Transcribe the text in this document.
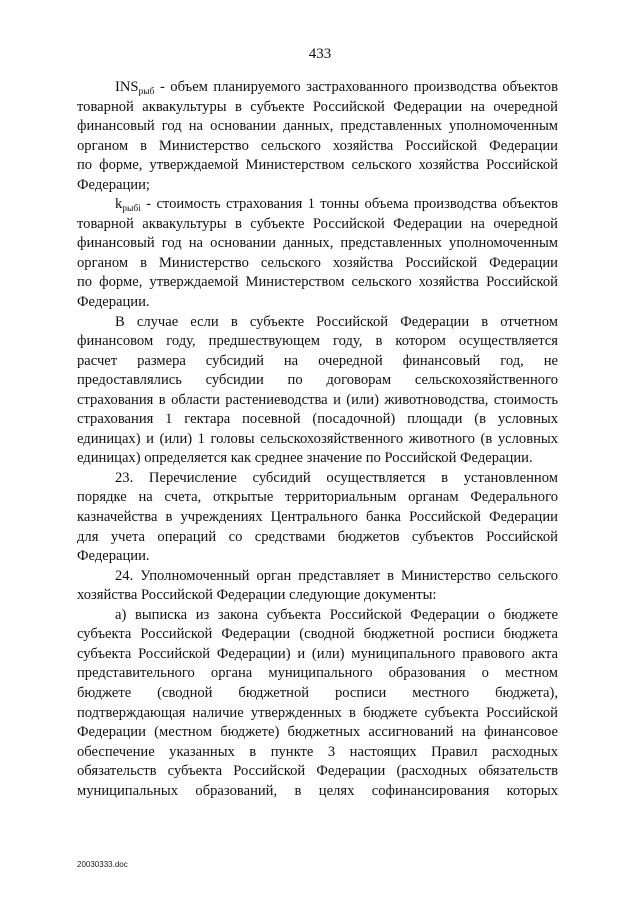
433
$INS_{рыб}$ - объем планируемого застрахованного производства объектов
товарной аквакультуры в субъекте Российской Федерации на очередной
финансовый год на основании данных, представленных уполномоченным
органом в Министерство сельского хозяйства Российской Федерации
по форме, утверждаемой Министерством сельского хозяйства Российской
Федерации;
$k_{рыбi}$ - стоимость страхования 1 тонны объема производства объектов
товарной аквакультуры в субъекте Российской Федерации на очередной
финансовый год на основании данных, представленных уполномоченным
органом в Министерство сельского хозяйства Российской Федерации
по форме, утверждаемой Министерством сельского хозяйства Российской
Федерации.
В случае если в субъекте Российской Федерации в отчетном
финансовом году, предшествующем году, в котором осуществляется
расчет размера субсидий на очередной финансовый год, не
предоставлялись субсидии по договорам сельскохозяйственного
страхования в области растениеводства и (или) животноводства, стоимость
страхования 1 гектара посевной (посадочной) площади (в условных
единицах) и (или) 1 головы сельскохозяйственного животного (в условных
единицах) определяется как среднее значение по Российской Федерации.
23. Перечисление субсидий осуществляется в установленном
порядке на счета, открытые территориальным органам Федерального
казначейства в учреждениях Центрального банка Российской Федерации
для учета операций со средствами бюджетов субъектов Российской
Федерации.
24. Уполномоченный орган представляет в Министерство сельского
хозяйства Российской Федерации следующие документы:
а) выписка из закона субъекта Российской Федерации о бюджете
субъекта Российской Федерации (сводной бюджетной росписи бюджета
субъекта Российской Федерации) и (или) муниципального правового акта
представительного органа муниципального образования о местном
бюджете (сводной бюджетной росписи местного бюджета),
подтверждающая наличие утвержденных в бюджете субъекта Российской
Федерации (местном бюджете) бюджетных ассигнований на финансовое
обеспечение указанных в пункте 3 настоящих Правил расходных
обязательств субъекта Российской Федерации (расходных обязательств
муниципальных образований, в целях софинансирования которых
20030333.doc
